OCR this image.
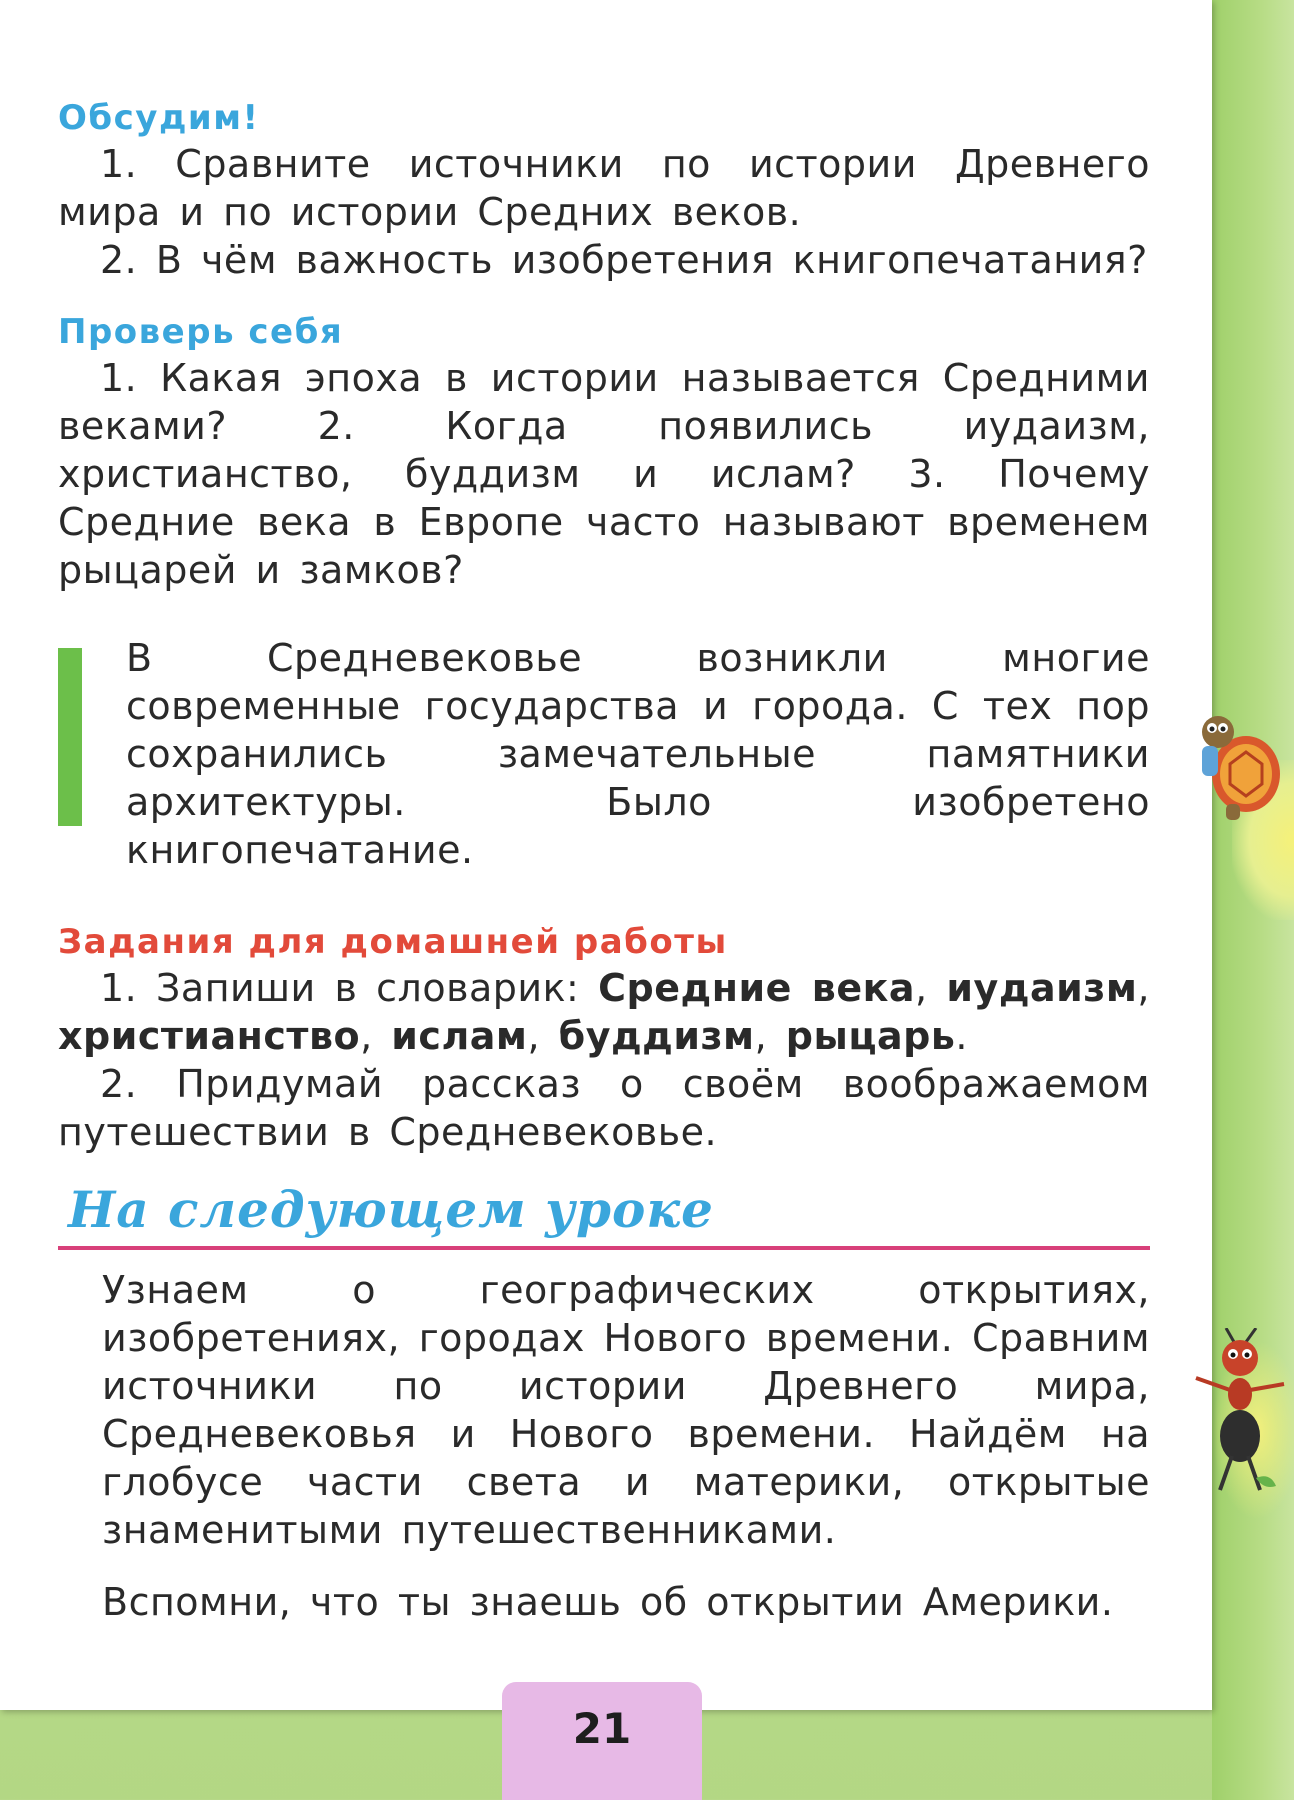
Обсудим!
1. Сравните источники по истории Древнего мира и по истории Средних веков.
2. В чём важность изобретения книгопечатания?
Проверь себя
1. Какая эпоха в истории называется Средними веками? 2. Когда появились иудаизм, христианство, буддизм и ислам? 3. Почему Средние века в Европе часто называют временем рыцарей и замков?
В Средневековье возникли многие современные государства и города. С тех пор сохранились замечательные памятники архитектуры. Было изобретено книгопечатание.
Задания для домашней работы
1. Запиши в словарик: Средние века, иудаизм, христианство, ислам, буддизм, рыцарь.
2. Придумай рассказ о своём воображаемом путешествии в Средневековье.
На следующем уроке
Узнаем о географических открытиях, изобретениях, городах Нового времени. Сравним источники по истории Древнего мира, Средневековья и Нового времени. Найдём на глобусе части света и материки, открытые знаменитыми путешественниками.
Вспомни, что ты знаешь об открытии Америки.
21
